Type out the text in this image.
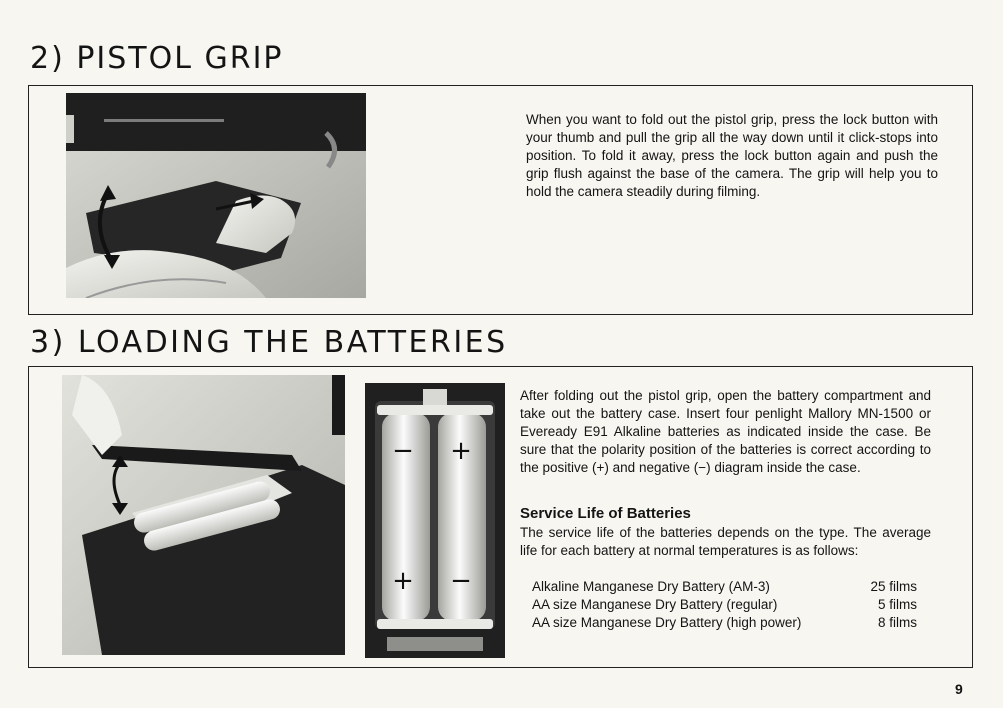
2) PISTOL GRIP
When you want to fold out the pistol grip, press the lock button with your thumb and pull the grip all the way down until it click-stops into position. To fold it away, press the lock button again and push the grip flush against the base of the camera. The grip will help you to hold the camera steadily during filming.
3) LOADING THE BATTERIES
− +
+ −
After folding out the pistol grip, open the battery compartment and take out the battery case. Insert four penlight Mallory MN-1500 or Eveready E91 Alkaline batteries as indicated inside the case. Be sure that the polarity position of the batteries is correct according to the positive (+) and negative (−) diagram inside the case.
Service Life of Batteries
The service life of the batteries depends on the type. The average life for each battery at normal temperatures is as follows:
Alkaline Manganese Dry Battery (AM-3)	25 films
AA size Manganese Dry Battery (regular)	5 films
AA size Manganese Dry Battery (high power)	8 films
9
